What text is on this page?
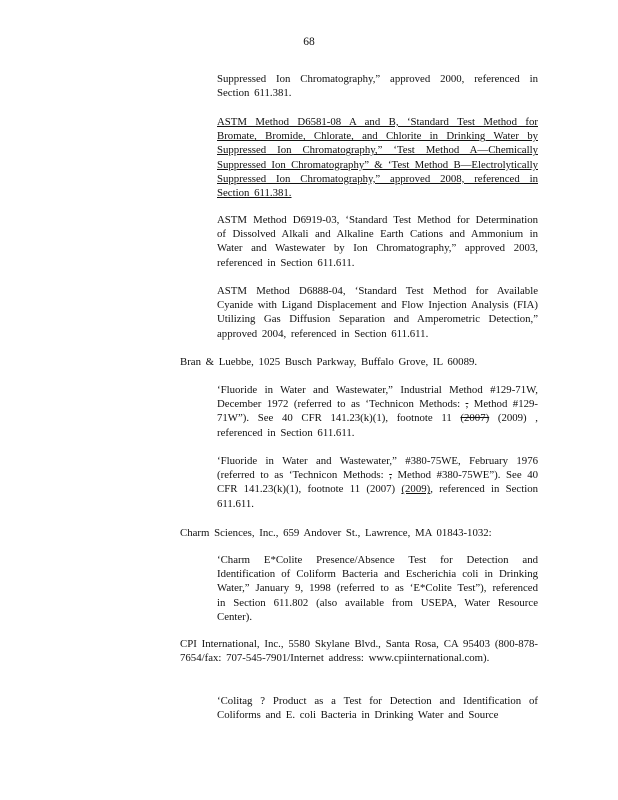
68
Suppressed Ion Chromatography,” approved 2000, referenced in Section 611.381.
ASTM Method D6581-08 A and B, ‘Standard Test Method for Bromate, Bromide, Chlorate, and Chlorite in Drinking Water by Suppressed Ion Chromatography,” ‘Test Method A—Chemically Suppressed Ion Chromatography” & ‘Test Method B—Electrolytically Suppressed Ion Chromatography,” approved 2008, referenced in Section 611.381.
ASTM Method D6919-03, ‘Standard Test Method for Determination of Dissolved Alkali and Alkaline Earth Cations and Ammonium in Water and Wastewater by Ion Chromatography,” approved 2003, referenced in Section 611.611.
ASTM Method D6888-04, ‘Standard Test Method for Available Cyanide with Ligand Displacement and Flow Injection Analysis (FIA) Utilizing Gas Diffusion Separation and Amperometric Detection,” approved 2004, referenced in Section 611.611.
Bran & Luebbe, 1025 Busch Parkway, Buffalo Grove, IL 60089.
‘Fluoride in Water and Wastewater,” Industrial Method #129-71W, December 1972 (referred to as ‘Technicon Methods: , Method #129-71W”). See 40 CFR 141.23(k)(1), footnote 11 (2007) (2009) , referenced in Section 611.611.
‘Fluoride in Water and Wastewater,” #380-75WE, February 1976 (referred to as ‘Technicon Methods: , Method #380-75WE”). See 40 CFR 141.23(k)(1), footnote 11 (2007) (2009), referenced in Section 611.611.
Charm Sciences, Inc., 659 Andover St., Lawrence, MA 01843-1032:
‘Charm E*Colite Presence/Absence Test for Detection and Identification of Coliform Bacteria and Escherichia coli in Drinking Water,” January 9, 1998 (referred to as ‘E*Colite Test”), referenced in Section 611.802 (also available from USEPA, Water Resource Center).
CPI International, Inc., 5580 Skylane Blvd., Santa Rosa, CA 95403 (800-878-7654/fax: 707-545-7901/Internet address: www.cpiinternational.com).
‘Colitag ? Product as a Test for Detection and Identification of Coliforms and E. coli Bacteria in Drinking Water and Source
